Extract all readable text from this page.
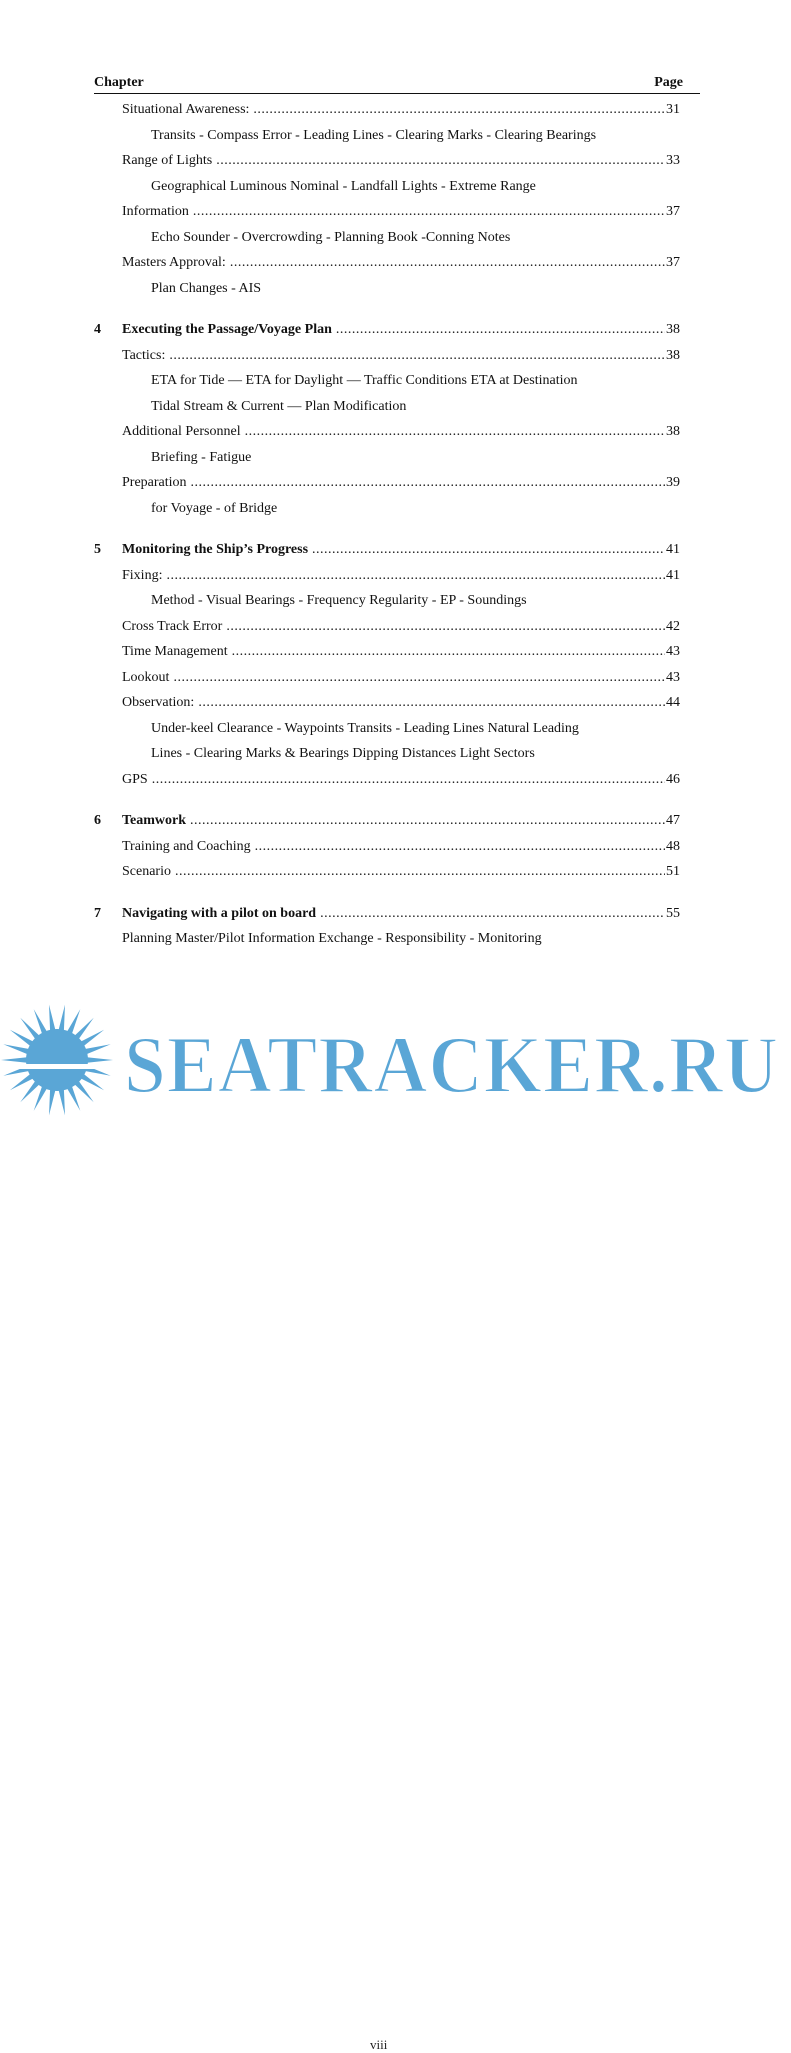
Chapter	Page
Situational Awareness: .....	31
Transits - Compass Error - Leading Lines - Clearing Marks - Clearing Bearings
Range of Lights .....	33
Geographical Luminous Nominal - Landfall Lights - Extreme Range
Information .....	37
Echo Sounder - Overcrowding - Planning Book -Conning Notes
Masters Approval: .....	37
Plan Changes - AIS
4 Executing the Passage/Voyage Plan .....	38
Tactics: .....	38
ETA for Tide — ETA for Daylight — Traffic Conditions ETA at Destination
Tidal Stream & Current — Plan Modification
Additional Personnel .....	38
Briefing - Fatigue
Preparation .....	39
for Voyage - of Bridge
5 Monitoring the Ship’s Progress .....	41
Fixing: .....	41
Method - Visual Bearings - Frequency Regularity - EP - Soundings
Cross Track Error .....	42
Time Management .....	43
Lookout .....	43
Observation: .....	44
Under-keel Clearance - Waypoints Transits - Leading Lines Natural Leading
Lines - Clearing Marks & Bearings Dipping Distances Light Sectors
GPS .....	46
6 Teamwork .....	47
Training and Coaching .....	48
Scenario .....	51
7 Navigating with a pilot on board .....	55
Planning Master/Pilot Information Exchange - Responsibility - Monitoring
SEATRACKER.RU
viii
